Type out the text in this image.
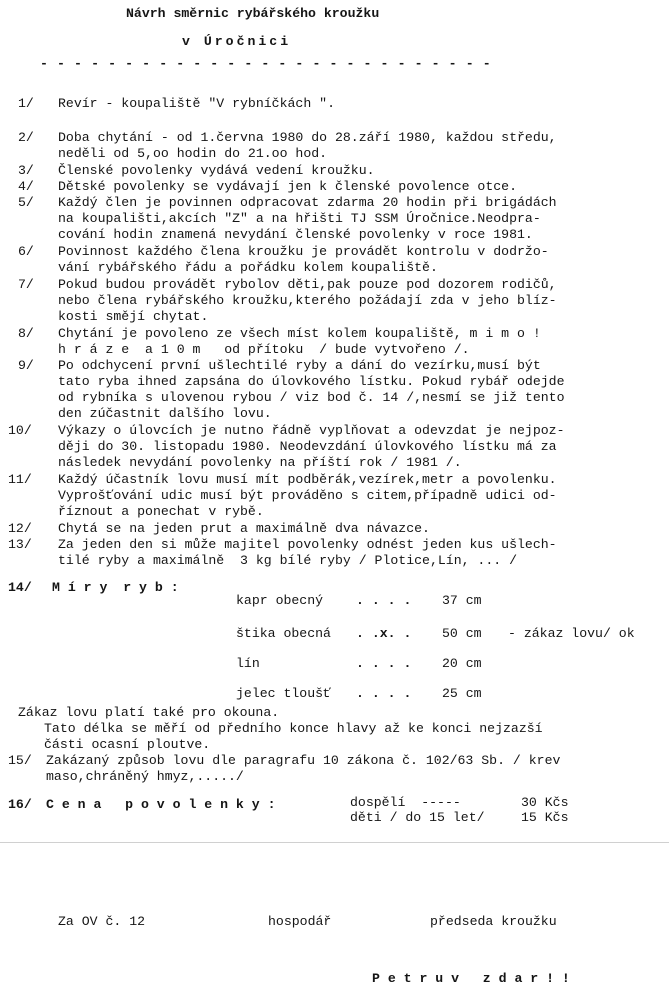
Návrh směrnic rybářského kroužku
v Úročnici
- - - - - - - - - - - - - - - - - - - - - - - - - - -
1/ Revír - koupaliště "V rybníčkách ".
2/ Doba chytání - od 1.června 1980 do 28.září 1980, každou středu,
neděli od 5,oo hodin do 21.oo hod.
3/ Členské povolenky vydává vedení kroužku.
4/ Dětské povolenky se vydávají jen k členské povolence otce.
5/ Každý člen je povinnen odpracovat zdarma 20 hodin při brigádách
na koupališti,akcích "Z" a na hřišti TJ SSM Úročnice.Neodpra-
cování hodin znamená nevydání členské povolenky v roce 1981.
6/ Povinnost každého člena kroužku je provádět kontrolu v dodržo-
vání rybářského řádu a pořádku kolem koupaliště.
7/ Pokud budou provádět rybolov děti,pak pouze pod dozorem rodičů,
nebo člena rybářského kroužku,kterého požádají zda v jeho blíz-
kosti smějí chytat.
8/ Chytání je povoleno ze všech míst kolem koupaliště, m i m o !
h r á z e  a 1 0 m   od přítoku  / bude vytvořeno /.
9/ Po odchycení první ušlechtilé ryby a dání do vezírku,musí být
tato ryba ihned zapsána do úlovkového lístku. Pokud rybář odejde
od rybníka s ulovenou rybou / viz bod č. 14 /,nesmí se již tento
den zúčastnit dalšího lovu.
10/ Výkazy o úlovcích je nutno řádně vyplňovat a odevzdat je nejpoz-
ději do 30. listopadu 1980. Neodevzdání úlovkového lístku má za
následek nevydání povolenky na příští rok / 1981 /.
11/ Každý účastník lovu musí mít podběrák,vezírek,metr a povolenku.
Vyprošťování udic musí být prováděno s citem,případně udici od-
říznout a ponechat v rybě.
12/ Chytá se na jeden prut a maximálně dva návazce.
13/ Za jeden den si může majitel povolenky odnést jeden kus ušlech-
tilé ryby a maximálně  3 kg bílé ryby / Plotice,Lín, ... /
14/ M í r y  r y b :
kapr obecný . . . . 37 cm
štika obecná . .x. . 50 cm - zákaz lovu/ ok
lín	. . . . 20 cm
jelec tloušť . . . . 25 cm
Zákaz lovu platí také pro okouna.
Tato délka se měří od předního konce hlavy až ke konci nejzazší
části ocasní ploutve.
15/ Zakázaný způsob lovu dle paragrafu 10 zákona č. 102/63 Sb. / krev
maso,chráněný hmyz,...../
16/ C e n a   p o v o l e n k y :	dospělí  -----	30 Kčs
děti / do 15 let/	15 Kčs
Za OV č. 12	hospodář	předseda kroužku
P e t r u v   z d a r ! !
